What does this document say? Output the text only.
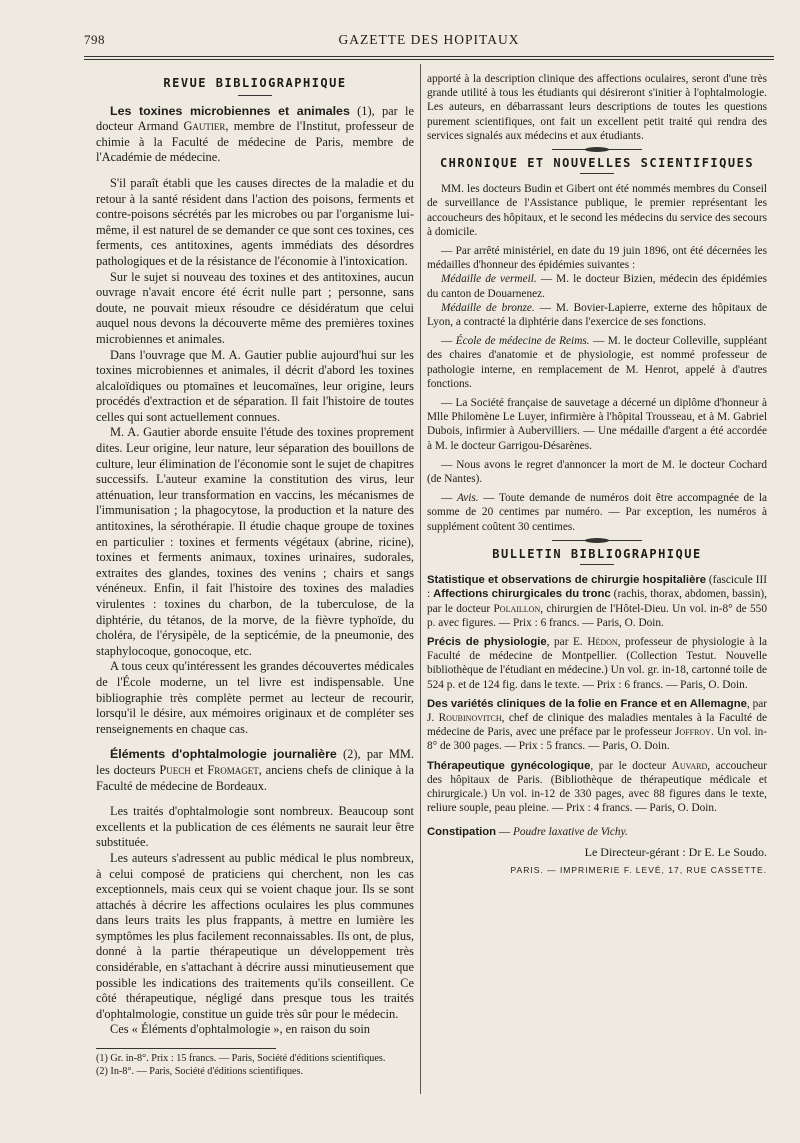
798	GAZETTE DES HOPITAUX
REVUE BIBLIOGRAPHIQUE

Les toxines microbiennes et animales (1), par le docteur Armand Gautier, membre de l'Institut, professeur de chimie à la Faculté de médecine de Paris, membre de l'Académie de médecine.

S'il paraît établi que les causes directes de la maladie et du retour à la santé résident dans l'action des poisons, ferments et contre-poisons sécrétés par les microbes ou par l'organisme lui-même, il est naturel de se demander ce que sont ces toxines, ces ferments, ces antitoxines, agents immédiats des désordres pathologiques et de la résistance de l'économie à l'intoxication.

Sur le sujet si nouveau des toxines et des antitoxines, aucun ouvrage n'avait encore été écrit nulle part ; personne, sans doute, ne pouvait mieux résoudre ce désidératum que celui auquel nous devons la découverte même des premières toxines microbiennes et animales.

Dans l'ouvrage que M. A. Gautier publie aujourd'hui sur les toxines microbiennes et animales, il décrit d'abord les toxines alcaloïdiques ou ptomaïnes et leucomaïnes, leur origine, leurs procédés d'extraction et de séparation. Il fait l'histoire de toutes celles qui sont actuellement connues.

M. A. Gautier aborde ensuite l'étude des toxines proprement dites. Leur origine, leur nature, leur séparation des bouillons de culture, leur élimination de l'économie sont le sujet de chapitres successifs. L'auteur examine la constitution des virus, leur atténuation, leur transformation en vaccins, les mécanismes de l'immunisation ; la phagocytose, la production et la nature des antitoxines, la sérothérapie. Il étudie chaque groupe de toxines en particulier : toxines et ferments végétaux (abrine, ricine), toxines et ferments animaux, toxines urinaires, sudorales, extraites des glandes, toxines des venins ; chairs et sangs vénéneux. Enfin, il fait l'histoire des toxines des maladies virulentes : toxines du charbon, de la tuberculose, de la diphtérie, du tétanos, de la morve, de la fièvre typhoïde, du choléra, de l'érysipèle, de la septicémie, de la pneumonie, des staphylocoque, gonocoque, etc.

A tous ceux qu'intéressent les grandes découvertes médicales de l'École moderne, un tel livre est indispensable. Une bibliographie très complète permet au lecteur de recourir, lorsqu'il le désire, aux mémoires originaux et de compléter ses renseignements en chaque cas.

Éléments d'ophtalmologie journalière (2), par MM. les docteurs Puech et Fromaget, anciens chefs de clinique à la Faculté de médecine de Bordeaux.

Les traités d'ophtalmologie sont nombreux. Beaucoup sont excellents et la publication de ces éléments ne saurait leur être substituée.

Les auteurs s'adressent au public médical le plus nombreux, à celui composé de praticiens qui cherchent, non les cas exceptionnels, mais ceux qui se voient chaque jour. Ils se sont attachés à décrire les affections oculaires les plus communes dans leurs traits les plus frappants, à mettre en lumière les symptômes les plus facilement reconnaissables. Ils ont, de plus, donné à la partie thérapeutique un développement très considérable, en s'attachant à décrire aussi minutieusement que possible les indications des traitements qu'ils conseillent. Ce côté thérapeutique, négligé dans presque tous les traités d'ophtalmologie, constitue un guide très sûr pour le médecin.

Ces « Éléments d'ophtalmologie », en raison du soin

(1) Gr. in-8°. Prix : 15 francs. — Paris, Société d'éditions scientifiques.

(2) In-8°. — Paris, Société d'éditions scientifiques.

apporté à la description clinique des affections oculaires, seront d'une très grande utilité à tous les étudiants qui désireront s'initier à l'ophtalmologie. Les auteurs, en débarrassant leurs descriptions de toutes les questions purement scientifiques, ont fait un excellent petit traité qui rendra des services signalés aux médecins et aux étudiants.

CHRONIQUE ET NOUVELLES SCIENTIFIQUES

MM. les docteurs Budin et Gibert ont été nommés membres du Conseil de surveillance de l'Assistance publique, le premier représentant les accoucheurs des hôpitaux, et le second les médecins du service des secours à domicile.

— Par arrêté ministériel, en date du 19 juin 1896, ont été décernées les médailles d'honneur des épidémies suivantes :

Médaille de vermeil. — M. le docteur Bizien, médecin des épidémies du canton de Douarnenez.

Médaille de bronze. — M. Bovier-Lapierre, externe des hôpitaux de Lyon, a contracté la diphtérie dans l'exercice de ses fonctions.

— École de médecine de Reims. — M. le docteur Colleville, suppléant des chaires d'anatomie et de physiologie, est nommé professeur de pathologie interne, en remplacement de M. Henrot, appelé à d'autres fonctions.

— La Société française de sauvetage a décerné un diplôme d'honneur à Mlle Philomène Le Luyer, infirmière à l'hôpital Trousseau, et à M. Gabriel Dubois, infirmier à Aubervilliers. — Une médaille d'argent a été accordée à M. le docteur Garrigou-Désarènes.

— Nous avons le regret d'annoncer la mort de M. le docteur Cochard (de Nantes).

— Avis. — Toute demande de numéros doit être accompagnée de la somme de 20 centimes par numéro. — Par exception, les numéros à supplément coûtent 30 centimes.

BULLETIN BIBLIOGRAPHIQUE

Statistique et observations de chirurgie hospitalière (fascicule III : Affections chirurgicales du tronc (rachis, thorax, abdomen, bassin), par le docteur Polaillon, chirurgien de l'Hôtel-Dieu. Un vol. in-8° de 550 p. avec figures. — Prix : 6 francs. — Paris, O. Doin.

Précis de physiologie, par E. Hédon, professeur de physiologie à la Faculté de médecine de Montpellier. (Collection Testut. Nouvelle bibliothèque de l'étudiant en médecine.) Un vol. gr. in-18, cartonné toile de 524 p. et de 124 fig. dans le texte. — Prix : 6 francs. — Paris, O. Doin.

Des variétés cliniques de la folie en France et en Allemagne, par J. Roubinovitch, chef de clinique des maladies mentales à la Faculté de médecine de Paris, avec une préface par le professeur Joffroy. Un vol. in-8° de 300 pages. — Prix : 5 francs. — Paris, O. Doin.

Thérapeutique gynécologique, par le docteur Auvard, accoucheur des hôpitaux de Paris. (Bibliothèque de thérapeutique médicale et chirurgicale.) Un vol. in-12 de 330 pages, avec 88 figures dans le texte, reliure souple, peau pleine. — Prix : 4 francs. — Paris, O. Doin.

Constipation — Poudre laxative de Vichy.

Le Directeur-gérant : Dr E. Le Soudo.

PARIS. — IMPRIMERIE F. LEVÉ, 17, RUE CASSETTE.
